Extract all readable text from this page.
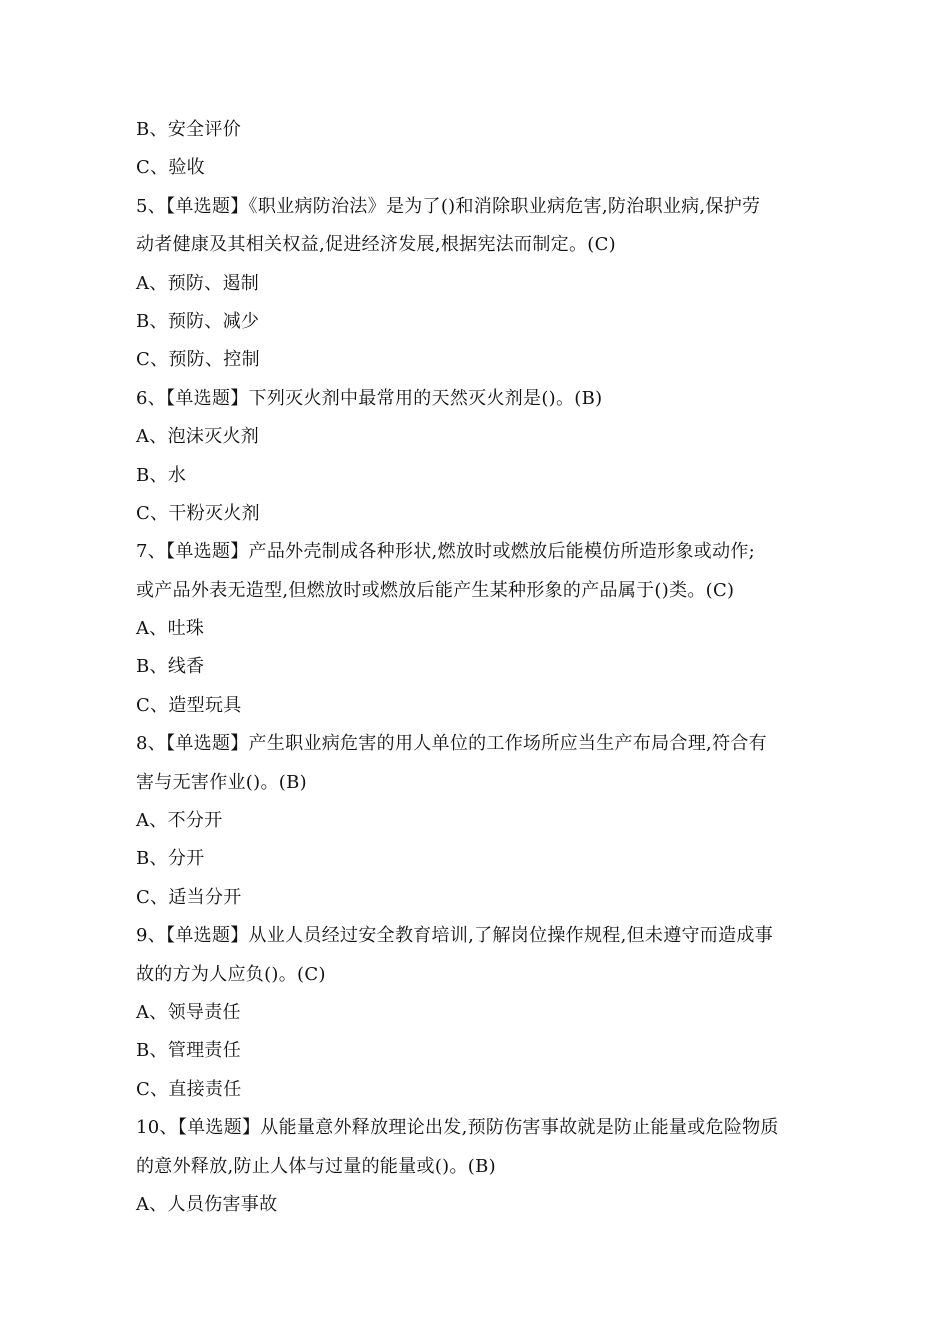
B、安全评价
C、验收
5、【单选题】《职业病防治法》是为了()和消除职业病危害,防治职业病,保护劳
动者健康及其相关权益,促进经济发展,根据宪法而制定。(C)
A、预防、遏制
B、预防、减少
C、预防、控制
6、【单选题】下列灭火剂中最常用的天然灭火剂是()。(B)
A、泡沫灭火剂
B、水
C、干粉灭火剂
7、【单选题】产品外壳制成各种形状,燃放时或燃放后能模仿所造形象或动作;
或产品外表无造型,但燃放时或燃放后能产生某种形象的产品属于()类。(C)
A、吐珠
B、线香
C、造型玩具
8、【单选题】产生职业病危害的用人单位的工作场所应当生产布局合理,符合有
害与无害作业()。(B)
A、不分开
B、分开
C、适当分开
9、【单选题】从业人员经过安全教育培训,了解岗位操作规程,但未遵守而造成事
故的方为人应负()。(C)
A、领导责任
B、管理责任
C、直接责任
10、【单选题】从能量意外释放理论出发,预防伤害事故就是防止能量或危险物质
的意外释放,防止人体与过量的能量或()。(B)
A、人员伤害事故
